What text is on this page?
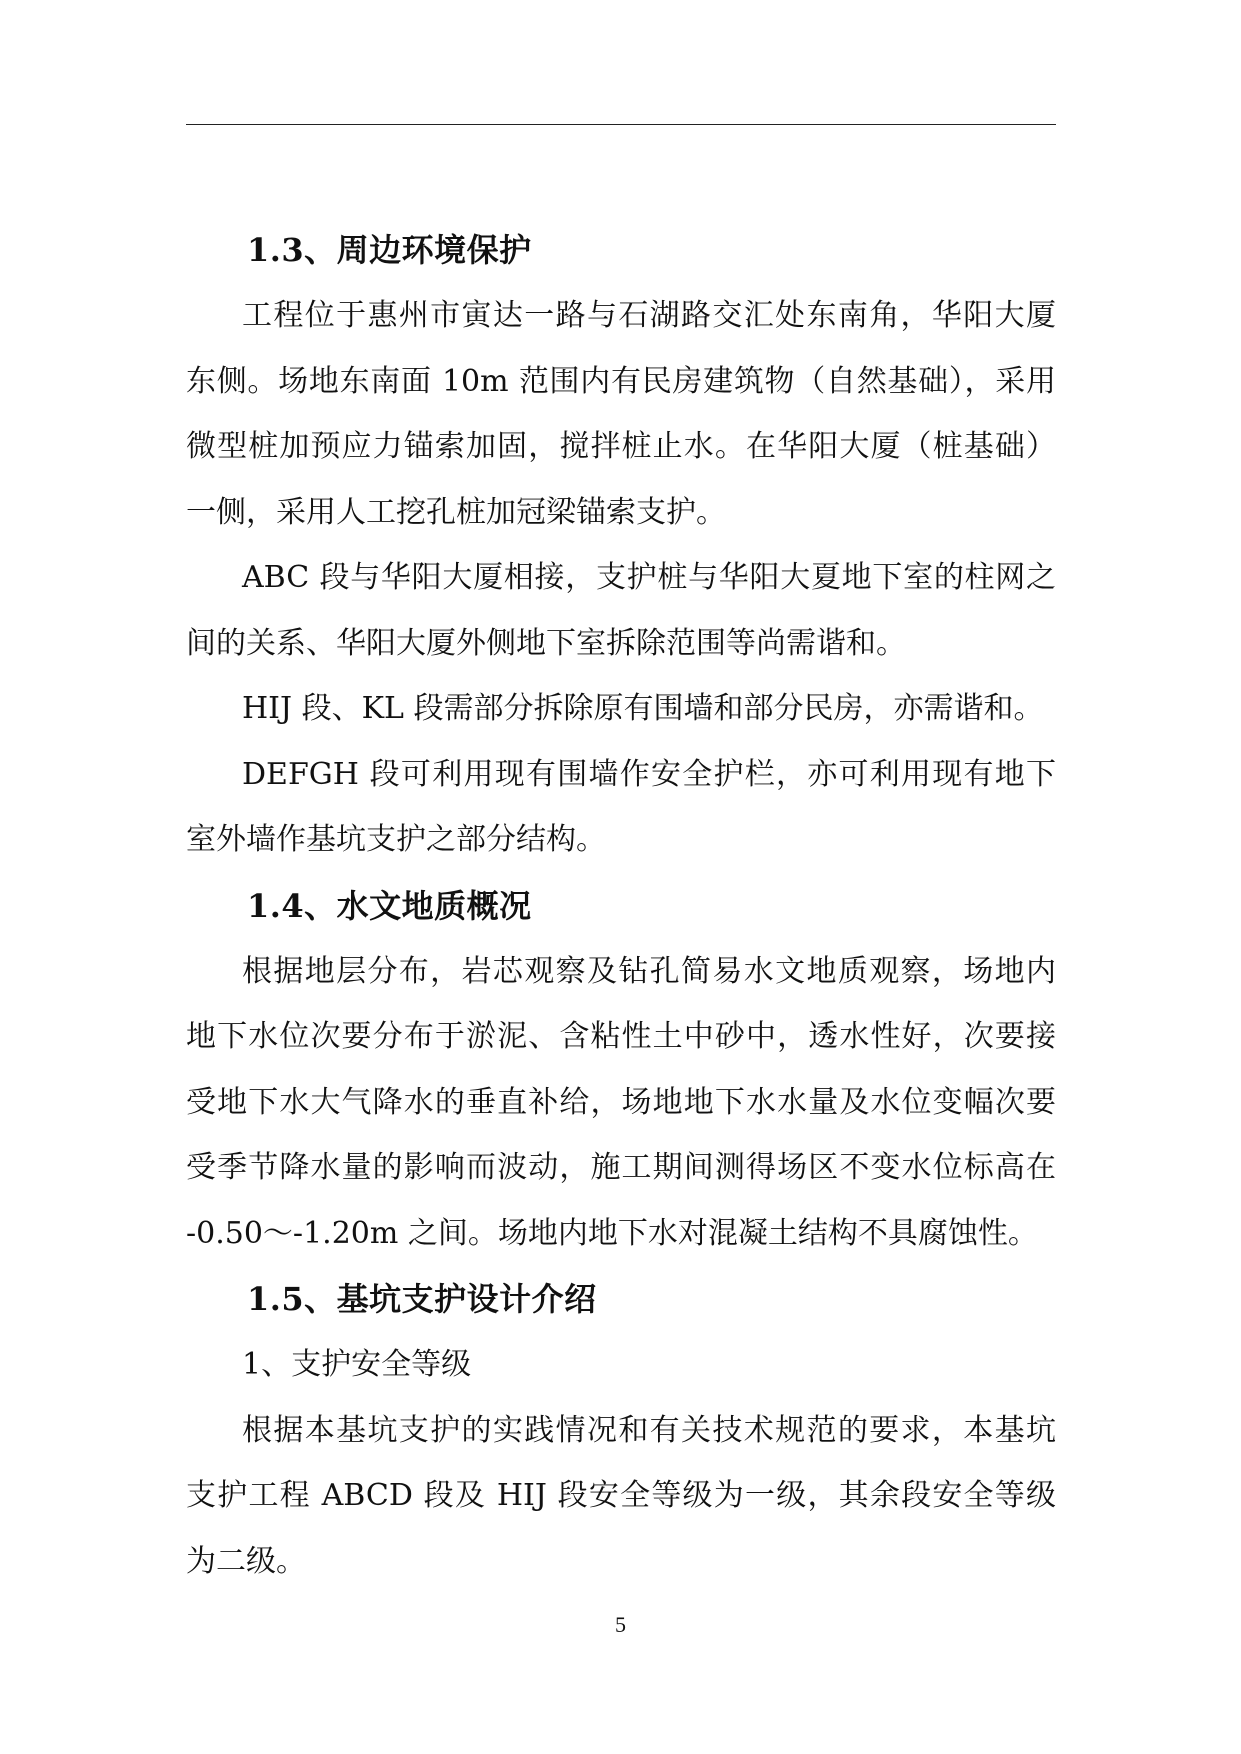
1.3、周边环境保护
工程位于惠州市寅达一路与石湖路交汇处东南角，华阳大厦
东侧。场地东南面 10m 范围内有民房建筑物（自然基础），采用
微型桩加预应力锚索加固，搅拌桩止水。在华阳大厦（桩基础）
一侧，采用人工挖孔桩加冠梁锚索支护。
ABC 段与华阳大厦相接，支护桩与华阳大夏地下室的柱网之
间的关系、华阳大厦外侧地下室拆除范围等尚需谐和。
HIJ 段、KL 段需部分拆除原有围墙和部分民房，亦需谐和。
DEFGH 段可利用现有围墙作安全护栏，亦可利用现有地下
室外墙作基坑支护之部分结构。
1.4、水文地质概况
根据地层分布，岩芯观察及钻孔简易水文地质观察，场地内
地下水位次要分布于淤泥、含粘性土中砂中，透水性好，次要接
受地下水大气降水的垂直补给，场地地下水水量及水位变幅次要
受季节降水量的影响而波动，施工期间测得场区不变水位标高在
-0.50～-1.20m 之间。场地内地下水对混凝土结构不具腐蚀性。
1.5、基坑支护设计介绍

1、支护安全等级

根据本基坑支护的实践情况和有关技术规范的要求，本基坑
支护工程 ABCD 段及 HIJ 段安全等级为一级，其余段安全等级
为二级。
5
